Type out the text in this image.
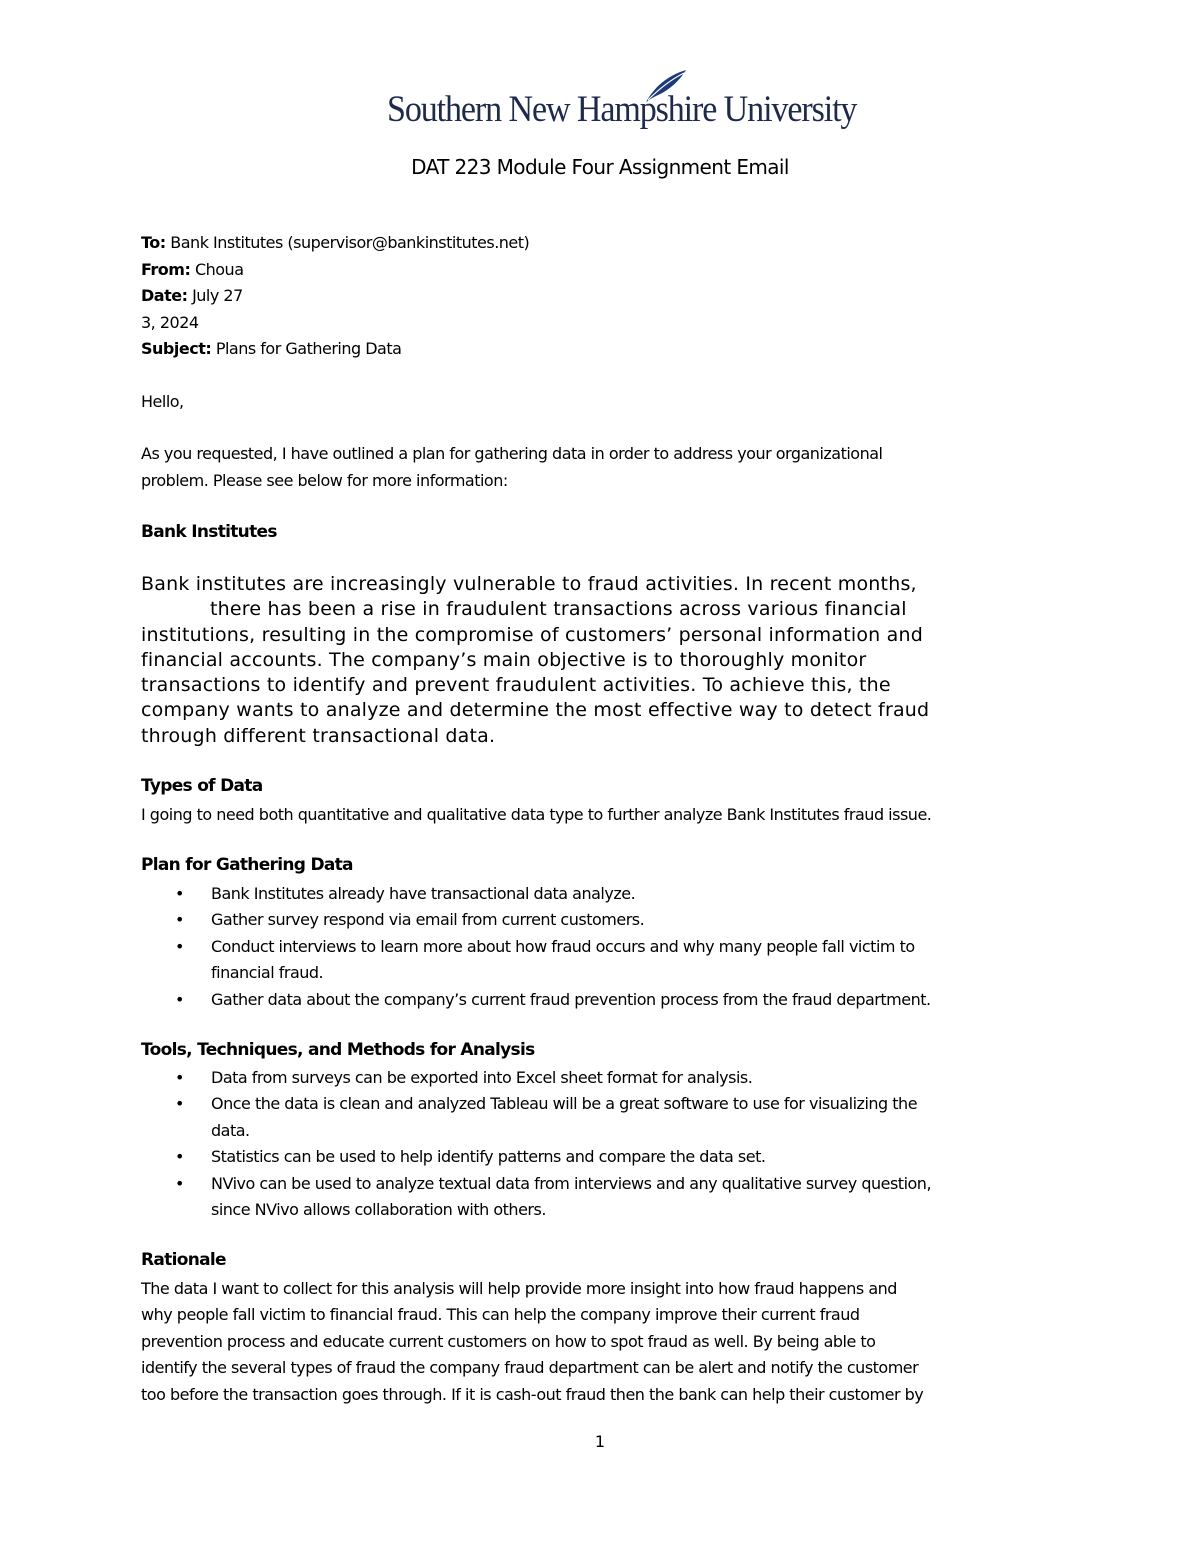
Southern New Hampshire University
DAT 223 Module Four Assignment Email
To: Bank Institutes (supervisor@bankinstitutes.net)
From: Choua
Date: July 27
3, 2024
Subject: Plans for Gathering Data
Hello,
As you requested, I have outlined a plan for gathering data in order to address your organizational
problem. Please see below for more information:
Bank Institutes
Bank institutes are increasingly vulnerable to fraud activities. In recent months,
there has been a rise in fraudulent transactions across various financial
institutions, resulting in the compromise of customers’ personal information and
financial accounts. The company’s main objective is to thoroughly monitor
transactions to identify and prevent fraudulent activities. To achieve this, the
company wants to analyze and determine the most effective way to detect fraud
through different transactional data.
Types of Data
I going to need both quantitative and qualitative data type to further analyze Bank Institutes fraud issue.
Plan for Gathering Data
• Bank Institutes already have transactional data analyze.
• Gather survey respond via email from current customers.
• Conduct interviews to learn more about how fraud occurs and why many people fall victim to
financial fraud.
• Gather data about the company’s current fraud prevention process from the fraud department.
Tools, Techniques, and Methods for Analysis
• Data from surveys can be exported into Excel sheet format for analysis.
• Once the data is clean and analyzed Tableau will be a great software to use for visualizing the
data.
• Statistics can be used to help identify patterns and compare the data set.
• NVivo can be used to analyze textual data from interviews and any qualitative survey question,
since NVivo allows collaboration with others.
Rationale
The data I want to collect for this analysis will help provide more insight into how fraud happens and
why people fall victim to financial fraud. This can help the company improve their current fraud
prevention process and educate current customers on how to spot fraud as well. By being able to
identify the several types of fraud the company fraud department can be alert and notify the customer
too before the transaction goes through. If it is cash-out fraud then the bank can help their customer by
1
